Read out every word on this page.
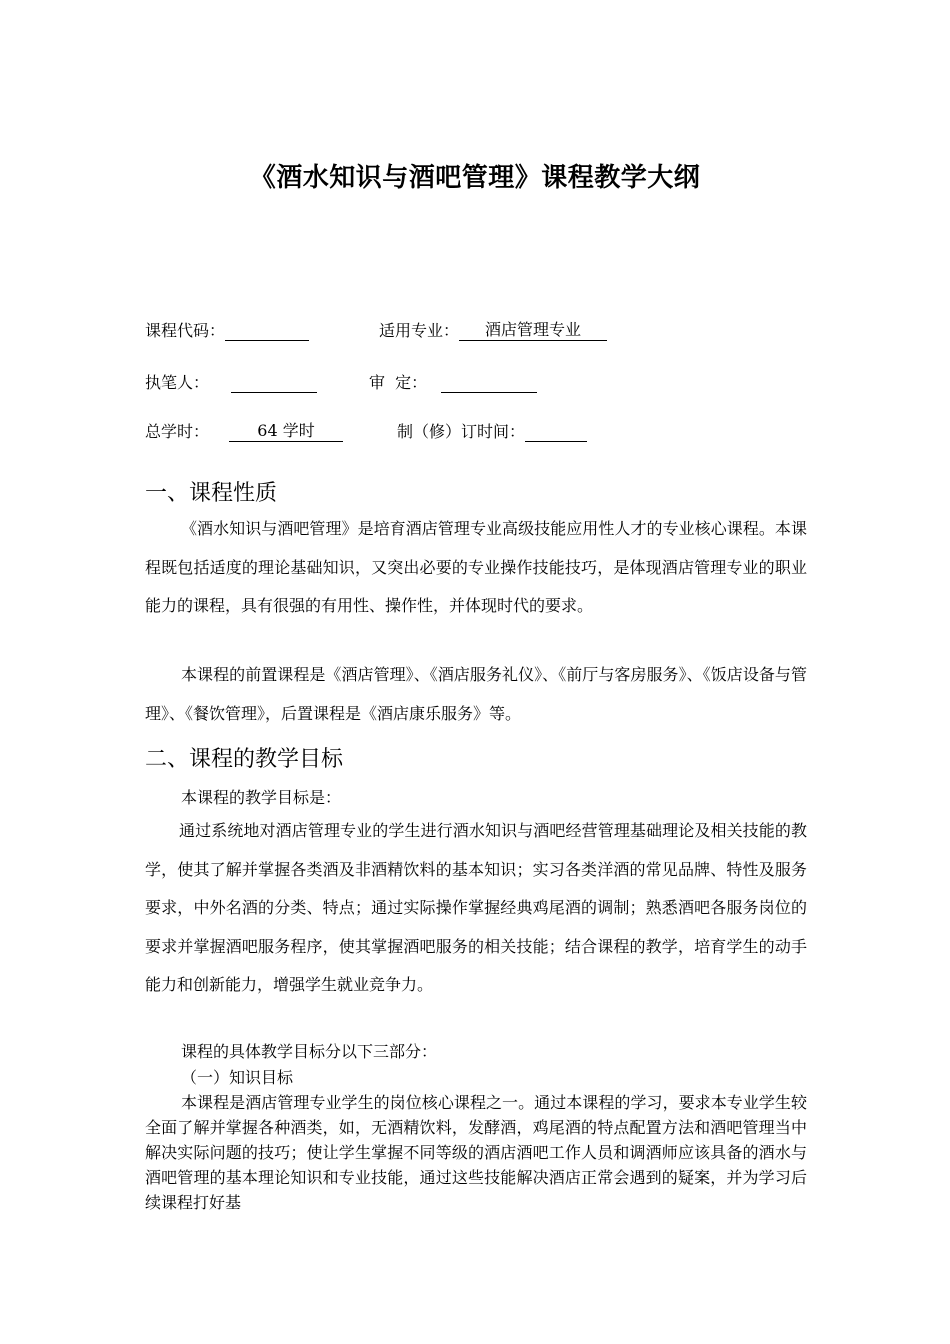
《酒水知识与酒吧管理》课程教学大纲
课程代码：	适用专业： 酒店管理专业
执笔人：	审  定：
总学时：	64 学时	制（修）订时间：
一、课程性质
《酒水知识与酒吧管理》是培育酒店管理专业高级技能应用性人才的专业核心课程。本课程既包括适度的理论基础知识，又突出必要的专业操作技能技巧，是体现酒店管理专业的职业能力的课程，具有很强的有用性、操作性，并体现时代的要求。
本课程的前置课程是《酒店管理》、《酒店服务礼仪》、《前厅与客房服务》、《饭店设备与管理》、《餐饮管理》，后置课程是《酒店康乐服务》等。
二、课程的教学目标
本课程的教学目标是：
通过系统地对酒店管理专业的学生进行酒水知识与酒吧经营管理基础理论及相关技能的教学，使其了解并掌握各类酒及非酒精饮料的基本知识；实习各类洋酒的常见品牌、特性及服务要求，中外名酒的分类、特点；通过实际操作掌握经典鸡尾酒的调制；熟悉酒吧各服务岗位的要求并掌握酒吧服务程序，使其掌握酒吧服务的相关技能；结合课程的教学，培育学生的动手能力和创新能力，增强学生就业竞争力。
课程的具体教学目标分以下三部分：
（一）知识目标
本课程是酒店管理专业学生的岗位核心课程之一。通过本课程的学习，要求本专业学生较全面了解并掌握各种酒类，如，无酒精饮料，发酵酒，鸡尾酒的特点配置方法和酒吧管理当中解决实际问题的技巧；使让学生掌握不同等级的酒店酒吧工作人员和调酒师应该具备的酒水与酒吧管理的基本理论知识和专业技能，通过这些技能解决酒店正常会遇到的疑案，并为学习后续课程打好基
